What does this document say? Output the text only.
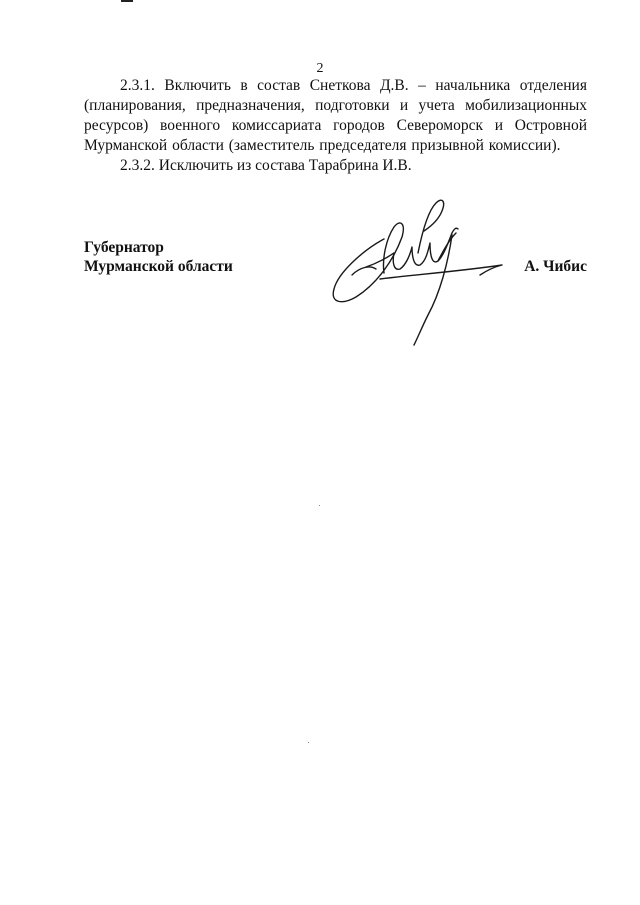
2

2.3.1. Включить в состав Снеткова Д.В. – начальника отделения (планирования, предназначения, подготовки и учета мобилизационных ресурсов) военного комиссариата городов Североморск и Островной Мурманской области (заместитель председателя призывной комиссии).

2.3.2. Исключить из состава Тарабрина И.В.

Губернатор
Мурманской области	А. Чибис
